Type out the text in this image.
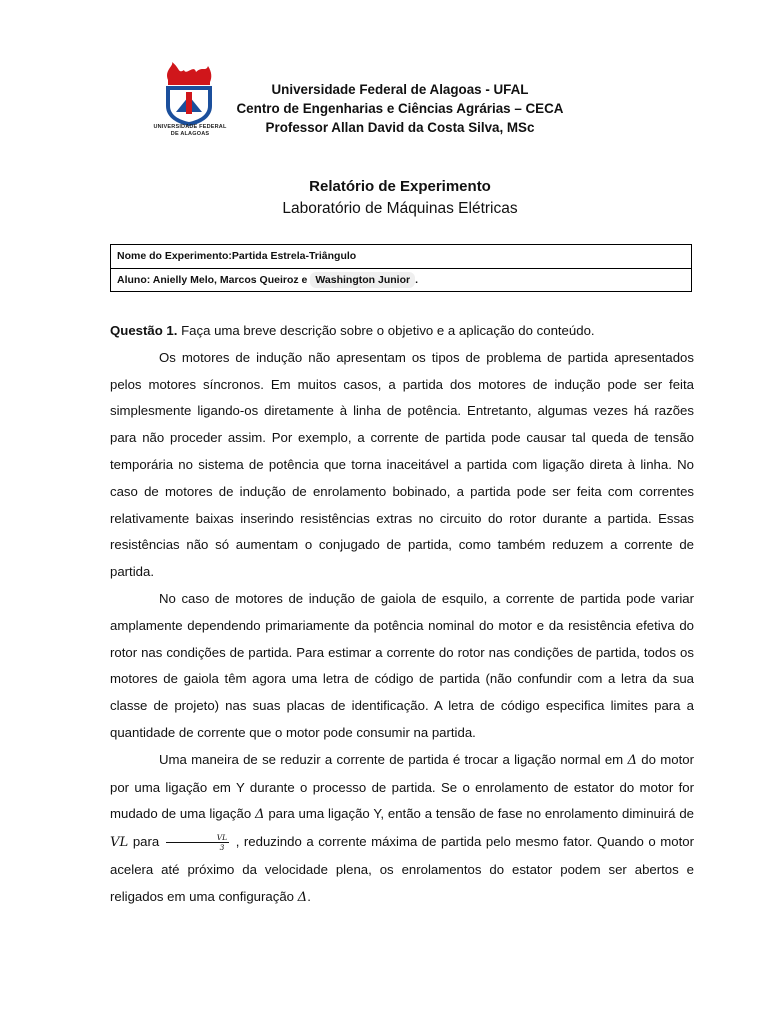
UNIVERSIDADE FEDERAL
DE ALAGOAS
Universidade Federal de Alagoas - UFAL
Centro de Engenharias e Ciências Agrárias – CECA
Professor Allan David da Costa Silva, MSc
Relatório de Experimento
Laboratório de Máquinas Elétricas
Nome do Experimento:Partida Estrela-Triângulo
Aluno: Anielly Melo, Marcos Queiroz e Washington Junior .

Questão 1. Faça uma breve descrição sobre o objetivo e a aplicação do conteúdo.

Os motores de indução não apresentam os tipos de problema de partida apresentados pelos motores síncronos. Em muitos casos, a partida dos motores de indução pode ser feita simplesmente ligando-os diretamente à linha de potência. Entretanto, algumas vezes há razões para não proceder assim. Por exemplo, a corrente de partida pode causar tal queda de tensão temporária no sistema de potência que torna inaceitável a partida com ligação direta à linha. No caso de motores de indução de enrolamento bobinado, a partida pode ser feita com correntes relativamente baixas inserindo resistências extras no circuito do rotor durante a partida. Essas resistências não só aumentam o conjugado de partida, como também reduzem a corrente de partida.

No caso de motores de indução de gaiola de esquilo, a corrente de partida pode variar amplamente dependendo primariamente da potência nominal do motor e da resistência efetiva do rotor nas condições de partida. Para estimar a corrente do rotor nas condições de partida, todos os motores de gaiola têm agora uma letra de código de partida (não confundir com a letra da sua classe de projeto) nas suas placas de identificação. A letra de código especifica limites para a quantidade de corrente que o motor pode consumir na partida.

Uma maneira de se reduzir a corrente de partida é trocar a ligação normal em Δ do motor por uma ligação em Y durante o processo de partida. Se o enrolamento de estator do motor for mudado de uma ligação Δ para uma ligação Y, então a tensão de fase no enrolamento diminuirá de VL para $\frac{VL}{3}$ , reduzindo a corrente máxima de partida pelo mesmo fator. Quando o motor acelera até próximo da velocidade plena, os enrolamentos do estator podem ser abertos e religados em uma configuração Δ.
